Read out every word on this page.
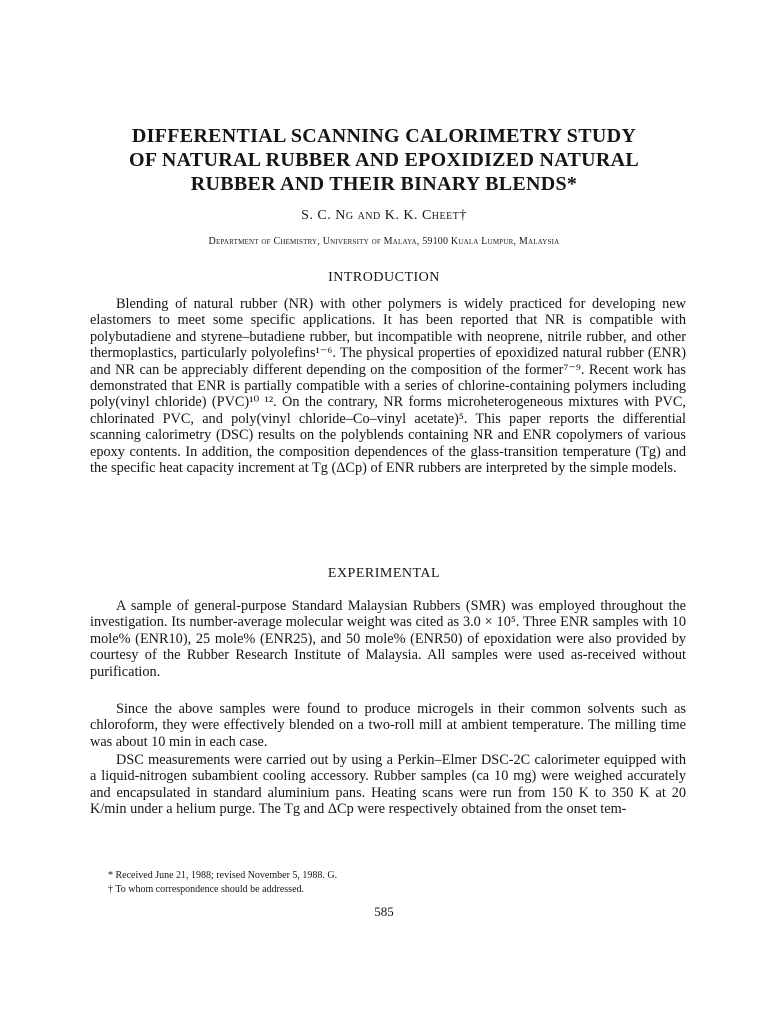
DIFFERENTIAL SCANNING CALORIMETRY STUDY
OF NATURAL RUBBER AND EPOXIDIZED NATURAL
RUBBER AND THEIR BINARY BLENDS*
S. C. Ng and K. K. Cheet†
Department of Chemistry, University of Malaya, 59100 Kuala Lumpur, Malaysia
INTRODUCTION

Blending of natural rubber (NR) with other polymers is widely practiced for developing new elastomers to meet some specific applications. It has been reported that NR is compatible with polybutadiene and styrene–butadiene rubber, but incompatible with neoprene, nitrile rubber, and other thermoplastics, particularly polyolefins¹⁻⁶. The physical properties of epoxidized natural rubber (ENR) and NR can be appreciably different depending on the composition of the former⁷⁻⁹. Recent work has demonstrated that ENR is partially compatible with a series of chlorine-containing polymers including poly(vinyl chloride) (PVC)¹⁰ ¹². On the contrary, NR forms microheterogeneous mixtures with PVC, chlorinated PVC, and poly(vinyl chloride–Co–vinyl acetate)⁵. This paper reports the differential scanning calorimetry (DSC) results on the polyblends containing NR and ENR copolymers of various epoxy contents. In addition, the composition dependences of the glass-transition temperature (Tg) and the specific heat capacity increment at Tg (ΔCp) of ENR rubbers are interpreted by the simple models.

EXPERIMENTAL

A sample of general-purpose Standard Malaysian Rubbers (SMR) was employed throughout the investigation. Its number-average molecular weight was cited as 3.0 × 10⁵. Three ENR samples with 10 mole% (ENR10), 25 mole% (ENR25), and 50 mole% (ENR50) of epoxidation were also provided by courtesy of the Rubber Research Institute of Malaysia. All samples were used as-received without purification.

Since the above samples were found to produce microgels in their common solvents such as chloroform, they were effectively blended on a two-roll mill at ambient temperature. The milling time was about 10 min in each case.

DSC measurements were carried out by using a Perkin–Elmer DSC-2C calorimeter equipped with a liquid-nitrogen subambient cooling accessory. Rubber samples (ca 10 mg) were weighed accurately and encapsulated in standard aluminium pans. Heating scans were run from 150 K to 350 K at 20 K/min under a helium purge. The Tg and ΔCp were respectively obtained from the onset tem-

* Received June 21, 1988; revised November 5, 1988. G.
† To whom correspondence should be addressed.
585
